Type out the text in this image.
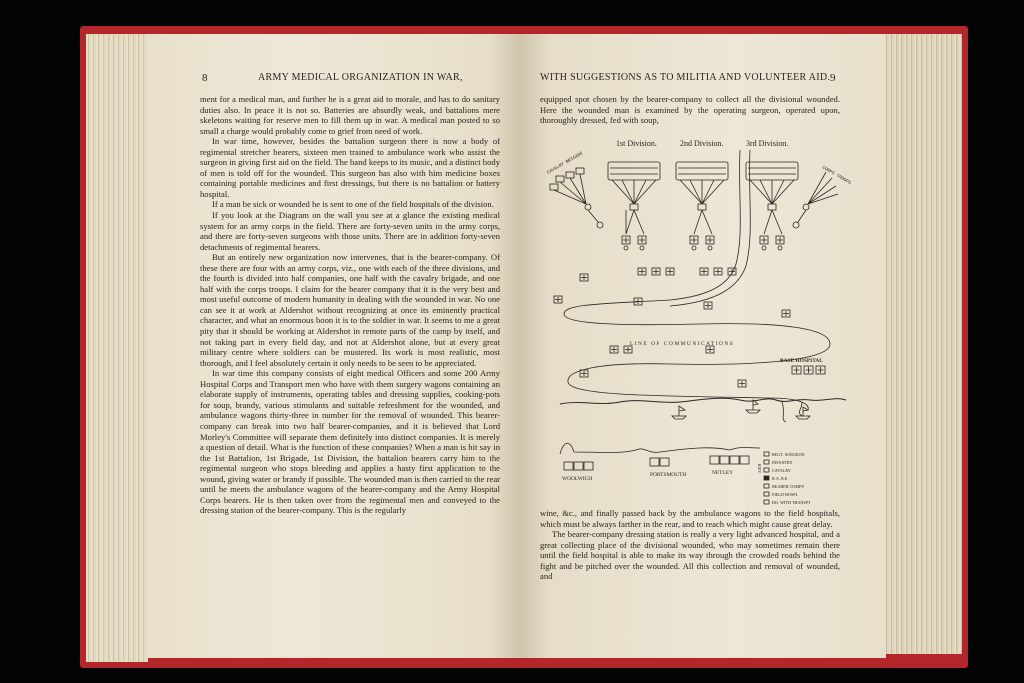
8	ARMY MEDICAL ORGANIZATION IN WAR,

ment for a medical man, and further he is a great aid to morale, and has to do sanitary duties also. In peace it is not so. Batteries are absurdly weak, and battalions mere skeletons waiting for reserve men to fill them up in war. A medical man posted to so small a charge would probably come to grief from need of work.

In war time, however, besides the battalion surgeon there is now a body of regimental stretcher bearers, sixteen men trained to ambulance work who assist the surgeon in giving first aid on the field. The band keeps to its music, and a distinct body of men is told off for the wounded. This surgeon has also with him medicine boxes containing portable medicines and first dressings, but there is no battalion or battery hospital.

If a man be sick or wounded he is sent to one of the field hospitals of the division.

If you look at the Diagram on the wall you see at a glance the existing medical system for an army corps in the field. There are forty-seven units in the army corps, and there are forty-seven surgeons with those units. There are in addition forty-seven detachments of regimental bearers.

But an entirely new organization now intervenes, that is the bearer-company. Of these there are four with an army corps, viz., one with each of the three divisions, and the fourth is divided into half companies, one half with the cavalry brigade, and one half with the corps troops. I claim for the bearer company that it is the very best and most useful outcome of modern humanity in dealing with the wounded in war. No one can see it at work at Aldershot without recognizing at once its eminently practical character, and what an enormous boon it is to the soldier in war. It seems to me a great pity that it should be working at Aldershot in remote parts of the camp by itself, and not taking part in every field day, and not at Aldershot alone, but at every great military centre where soldiers can be mustered. Its work is most realistic, most thorough, and I feel absolutely certain it only needs to be seen to be appreciated.

In war time this company consists of eight medical Officers and some 200 Army Hospital Corps and Transport men who have with them surgery wagons containing an elaborate supply of instruments, operating tables and dressing supplies, cooking-pots for soup, brandy, various stimulants and suitable refreshment for the wounded, and ambulance wagons thirty-three in number for the removal of wounded. This bearer-company can break into two half bearer-companies, and it is believed that Lord Morley's Committee will separate them definitely into distinct companies. It is merely a question of detail. What is the function of these companies? When a man is hit say in the 1st Battalion, 1st Brigade, 1st Division, the battalion bearers carry him to the regimental surgeon who stops bleeding and applies a hasty first application to the wound, giving water or brandy if possible. The wounded man is then carried to the rear until he meets the ambulance wagons of the bearer-company and the Army Hospital Corps bearers. He is then taken over from the regimental men and conveyed to the dressing station of the bearer-company. This is the regularly

WITH SUGGESTIONS AS TO MILITIA AND VOLUNTEER AID. 9

equipped spot chosen by the bearer-company to collect all the divisional wounded. Here the wounded man is examined by the operating surgeon, operated upon, thoroughly dressed, fed with soup,

1st Division.	2nd Division.	3rd Division.
CAVALRY BRIGADE	CORPS TROOPS
LINE OF COMMUNICATIONS
BASE HOSPITAL
WOOLWICH
PORTSMOUTH	NETLEY	KEY
REGT. SURGEON
INFANTRY
CAVALRY
R.A. R.E.
BEARER COMPY
FIELD HOSPL
DO. WITH TRANSPT

wine, &c., and finally passed back by the ambulance wagons to the field hospitals, which must be always farther in the rear, and to reach which might cause great delay.

The bearer-company dressing station is really a very light advanced hospital, and a great collecting place of the divisional wounded, who may sometimes remain there until the field hospital is able to make its way through the crowded roads behind the fight and be pitched over the wounded. All this collection and removal of wounded, and
